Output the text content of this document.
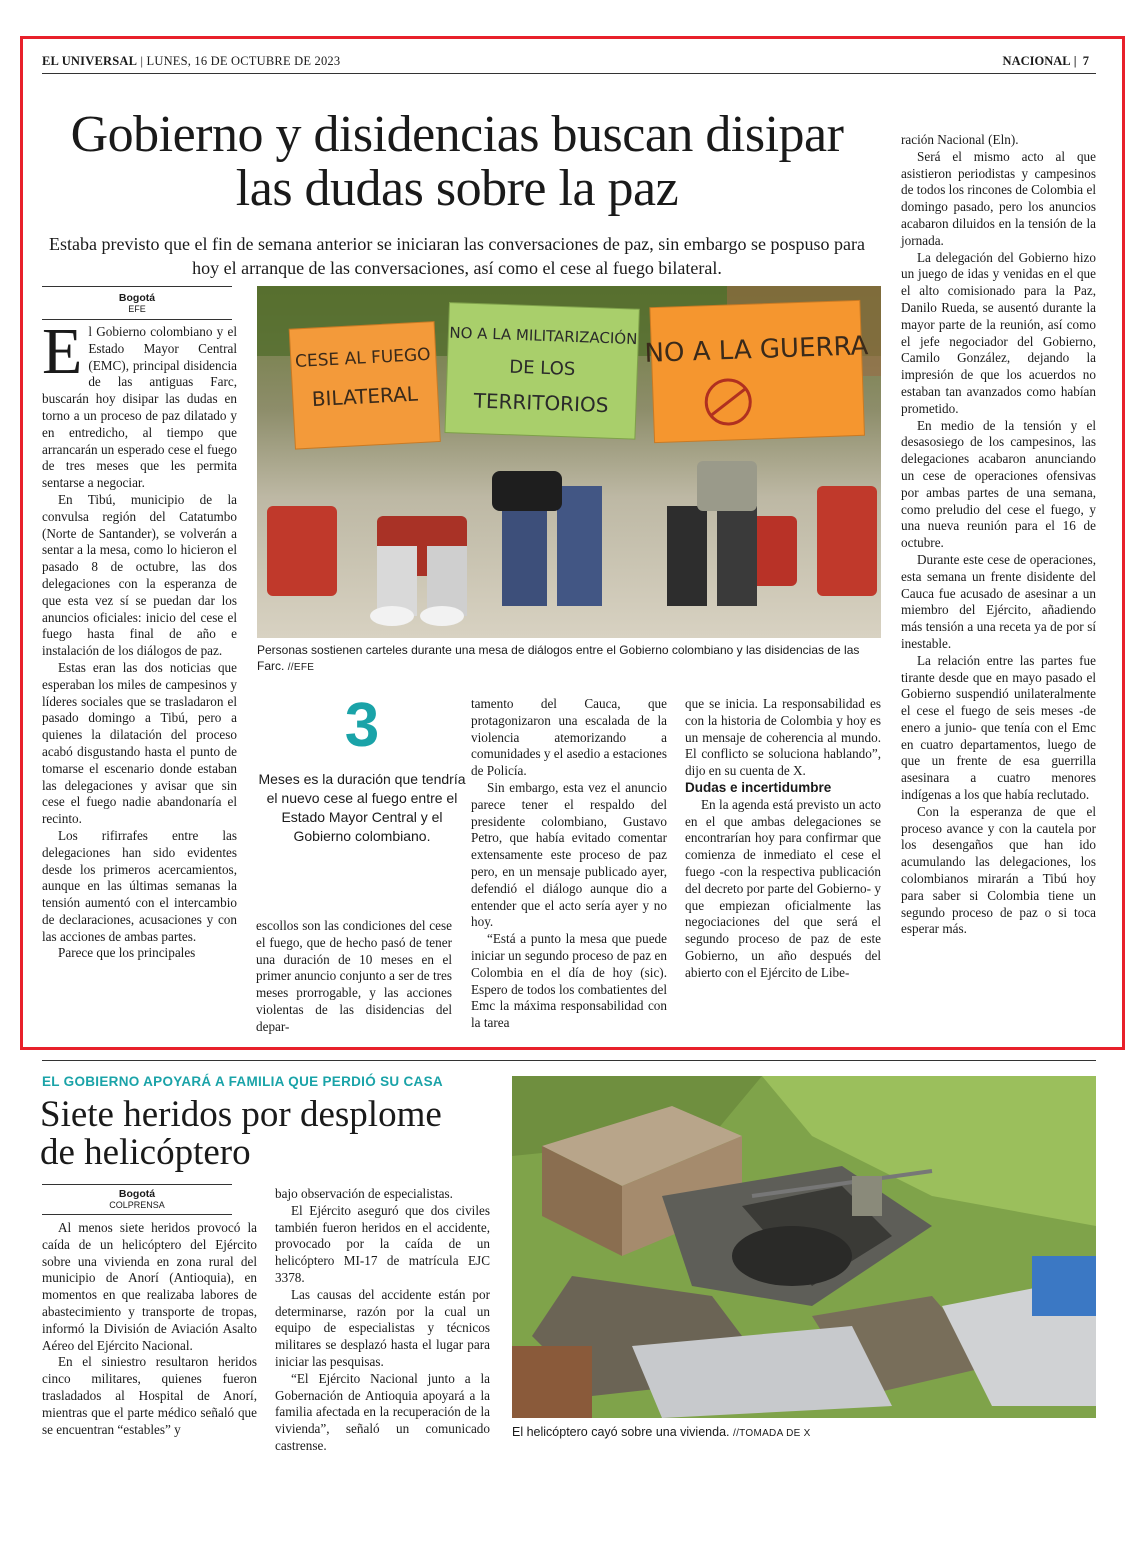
EL UNIVERSAL | LUNES, 16 DE OCTUBRE DE 2023	NACIONAL |  7
Gobierno y disidencias buscan disipar las dudas sobre la paz

Estaba previsto que el fin de semana anterior se iniciaran las conversaciones de paz, sin embargo se pospuso para hoy el arranque de las conversaciones, así como el cese al fuego bilateral.

Bogotá
EFE

El Gobierno colombiano y el Estado Mayor Central (EMC), principal disidencia de las antiguas Farc, buscarán hoy disipar las dudas en torno a un proceso de paz dilatado y en entredicho, al tiempo que arrancarán un esperado cese el fuego de tres meses que les permita sentarse a negociar.

En Tibú, municipio de la convulsa región del Catatumbo (Norte de Santander), se volverán a sentar a la mesa, como lo hicieron el pasado 8 de octubre, las dos delegaciones con la esperanza de que esta vez sí se puedan dar los anuncios oficiales: inicio del cese el fuego hasta final de año e instalación de los diálogos de paz.

Estas eran las dos noticias que esperaban los miles de campesinos y líderes sociales que se trasladaron el pasado domingo a Tibú, pero a quienes la dilatación del proceso acabó disgustando hasta el punto de tomarse el escenario donde estaban las delegaciones y avisar que sin cese el fuego nadie abandonaría el recinto.

Los rifirrafes entre las delegaciones han sido evidentes desde los primeros acercamientos, aunque en las últimas semanas la tensión aumentó con el intercambio de declaraciones, acusaciones y con las acciones de ambas partes.

Parece que los principales

CESE AL FUEGO
BILATERAL
NO A LA MILITARIZACIÓN
DE LOS
TERRITORIOS
NO A LA GUERRA
Personas sostienen carteles durante una mesa de diálogos entre el Gobierno colombiano y las disidencias de las Farc. //EFE
3
Meses es la duración que tendría el nuevo cese al fuego entre el Estado Mayor Central y el Gobierno colombiano.

escollos son las condiciones del cese el fuego, que de hecho pasó de tener una duración de 10 meses en el primer anuncio conjunto a ser de tres meses prorrogable, y las acciones violentas de las disidencias del depar-

tamento del Cauca, que protagonizaron una escalada de la violencia atemorizando a comunidades y el asedio a estaciones de Policía.

Sin embargo, esta vez el anuncio parece tener el respaldo del presidente colombiano, Gustavo Petro, que había evitado comentar extensamente este proceso de paz pero, en un mensaje publicado ayer, defendió el diálogo aunque dio a entender que el acto sería ayer y no hoy.

“Está a punto la mesa que puede iniciar un segundo proceso de paz en Colombia en el día de hoy (sic). Espero de todos los combatientes del Emc la máxima responsabilidad con la tarea

que se inicia. La responsabilidad es con la historia de Colombia y hoy es un mensaje de coherencia al mundo. El conflicto se soluciona hablando”, dijo en su cuenta de X.

Dudas e incertidumbre

En la agenda está previsto un acto en el que ambas delegaciones se encontrarían hoy para confirmar que comienza de inmediato el cese el fuego -con la respectiva publicación del decreto por parte del Gobierno- y que empiezan oficialmente las negociaciones del que será el segundo proceso de paz de este Gobierno, un año después del abierto con el Ejército de Libe-

ración Nacional (Eln).

Será el mismo acto al que asistieron periodistas y campesinos de todos los rincones de Colombia el domingo pasado, pero los anuncios acabaron diluidos en la tensión de la jornada.

La delegación del Gobierno hizo un juego de idas y venidas en el que el alto comisionado para la Paz, Danilo Rueda, se ausentó durante la mayor parte de la reunión, así como el jefe negociador del Gobierno, Camilo González, dejando la impresión de que los acuerdos no estaban tan avanzados como habían prometido.

En medio de la tensión y el desasosiego de los campesinos, las delegaciones acabaron anunciando un cese de operaciones ofensivas por ambas partes de una semana, como preludio del cese el fuego, y una nueva reunión para el 16 de octubre.

Durante este cese de operaciones, esta semana un frente disidente del Cauca fue acusado de asesinar a un miembro del Ejército, añadiendo más tensión a una receta ya de por sí inestable.

La relación entre las partes fue tirante desde que en mayo pasado el Gobierno suspendió unilateralmente el cese el fuego de seis meses -de enero a junio- que tenía con el Emc en cuatro departamentos, luego de que un frente de esa guerrilla asesinara a cuatro menores indígenas a los que había reclutado.

Con la esperanza de que el proceso avance y con la cautela por los desengaños que han ido acumulando las delegaciones, los colombianos mirarán a Tibú hoy para saber si Colombia tiene un segundo proceso de paz o si toca esperar más.

EL GOBIERNO APOYARÁ A FAMILIA QUE PERDIÓ SU CASA
Siete heridos por desplome de helicóptero
Bogotá
COLPRENSA

Al menos siete heridos provocó la caída de un helicóptero del Ejército sobre una vivienda en zona rural del municipio de Anorí (Antioquia), en momentos en que realizaba labores de abastecimiento y transporte de tropas, informó la División de Aviación Asalto Aéreo del Ejército Nacional.

En el siniestro resultaron heridos cinco militares, quienes fueron trasladados al Hospital de Anorí, mientras que el parte médico señaló que se encuentran “estables” y

bajo observación de especialistas.

El Ejército aseguró que dos civiles también fueron heridos en el accidente, provocado por la caída de un helicóptero MI-17 de matrícula EJC 3378.

Las causas del accidente están por determinarse, razón por la cual un equipo de especialistas y técnicos militares se desplazó hasta el lugar para iniciar las pesquisas.

“El Ejército Nacional junto a la Gobernación de Antioquia apoyará a la familia afectada en la recuperación de la vivienda”, señaló un comunicado castrense.

El helicóptero cayó sobre una vivienda. //TOMADA DE X
